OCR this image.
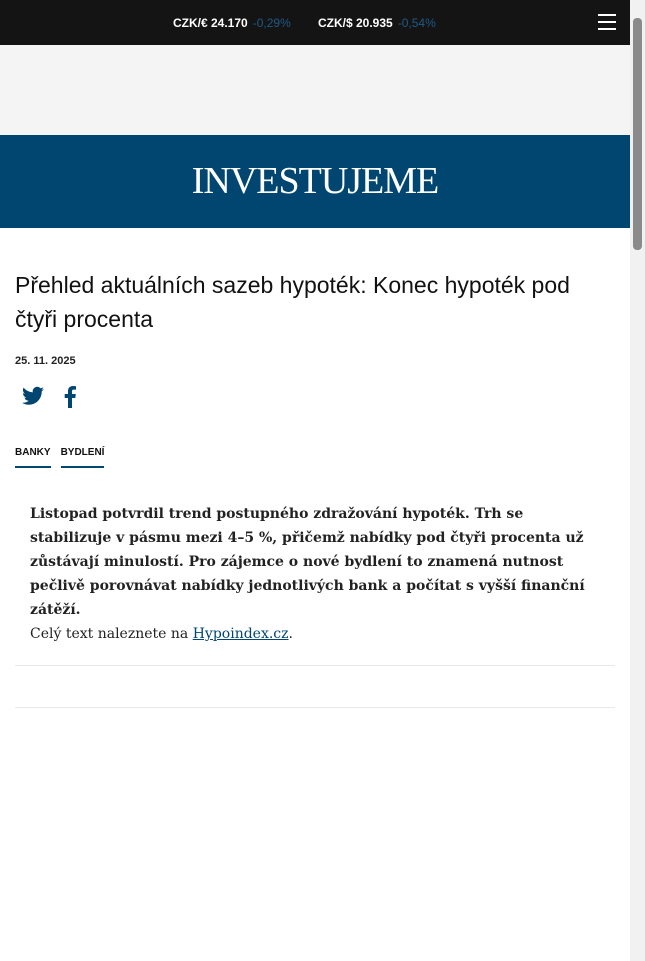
CZK/€ 24.170 -0,29% CZK/$ 20.935 -0,54%
INVESTUJEME
Přehled aktuálních sazeb hypoték: Konec hypoték pod čtyři procenta
25. 11. 2025
BANKY BYDLENÍ
Listopad potvrdil trend postupného zdražování hypoték. Trh se stabilizuje v pásmu mezi 4–5 %, přičemž nabídky pod čtyři procenta už zůstávají minulostí. Pro zájemce o nové bydlení to znamená nutnost pečlivě porovnávat nabídky jednotlivých bank a počítat s vyšší finanční zátěží.
Celý text naleznete na Hypoindex.cz.
